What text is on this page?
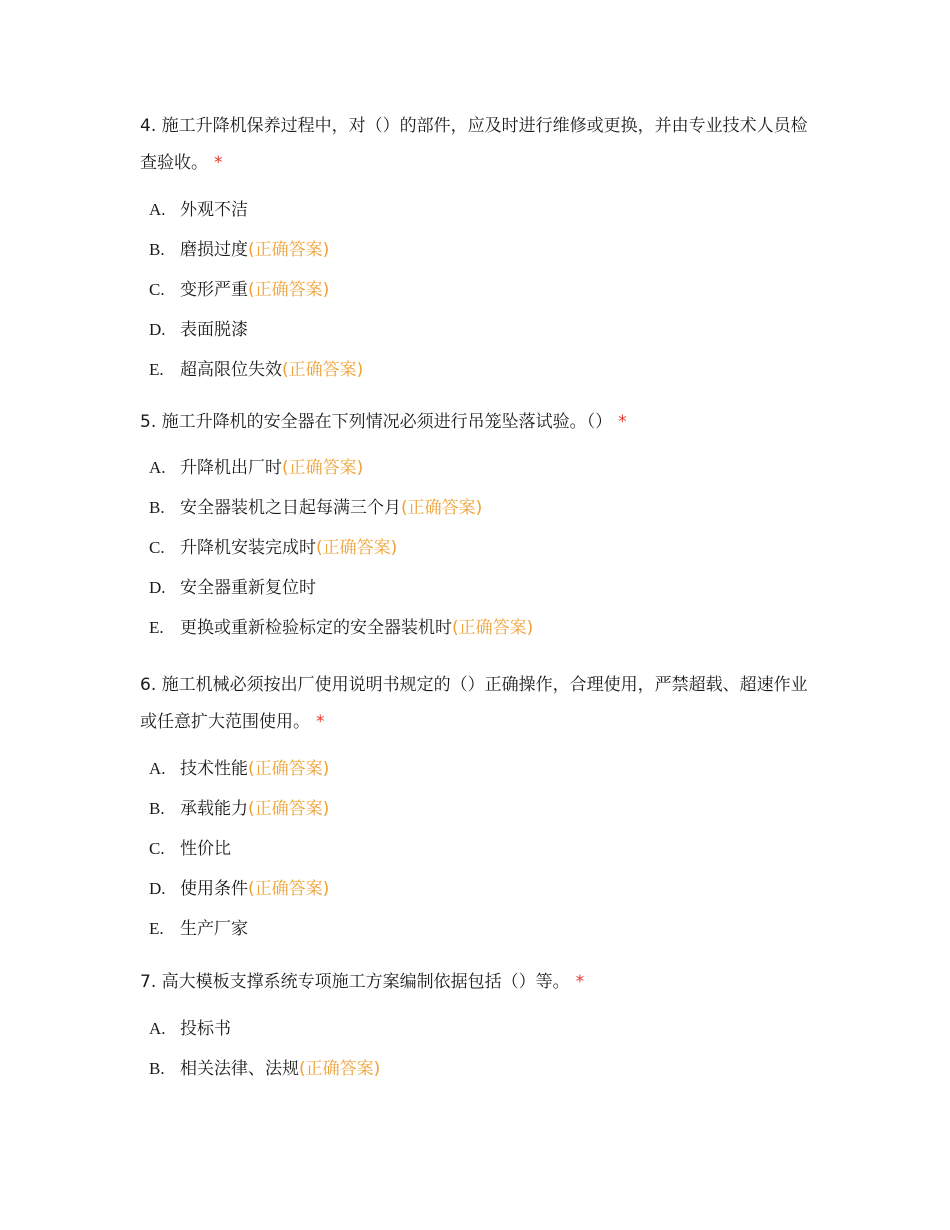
4. 施工升降机保养过程中，对（）的部件，应及时进行维修或更换，并由专业技术人员检查验收。 *

A. 外观不洁
B. 磨损过度(正确答案)
C. 变形严重(正确答案)
D. 表面脱漆
E. 超高限位失效(正确答案)

5. 施工升降机的安全器在下列情况必须进行吊笼坠落试验。（） *

A. 升降机出厂时(正确答案)
B. 安全器装机之日起每满三个月(正确答案)
C. 升降机安装完成时(正确答案)
D. 安全器重新复位时
E. 更换或重新检验标定的安全器装机时(正确答案)

6. 施工机械必须按出厂使用说明书规定的（）正确操作，合理使用，严禁超载、超速作业或任意扩大范围使用。 *

A. 技术性能(正确答案)
B. 承载能力(正确答案)
C. 性价比
D. 使用条件(正确答案)
E. 生产厂家

7. 高大模板支撑系统专项施工方案编制依据包括（）等。 *

A. 投标书
B. 相关法律、法规(正确答案)
